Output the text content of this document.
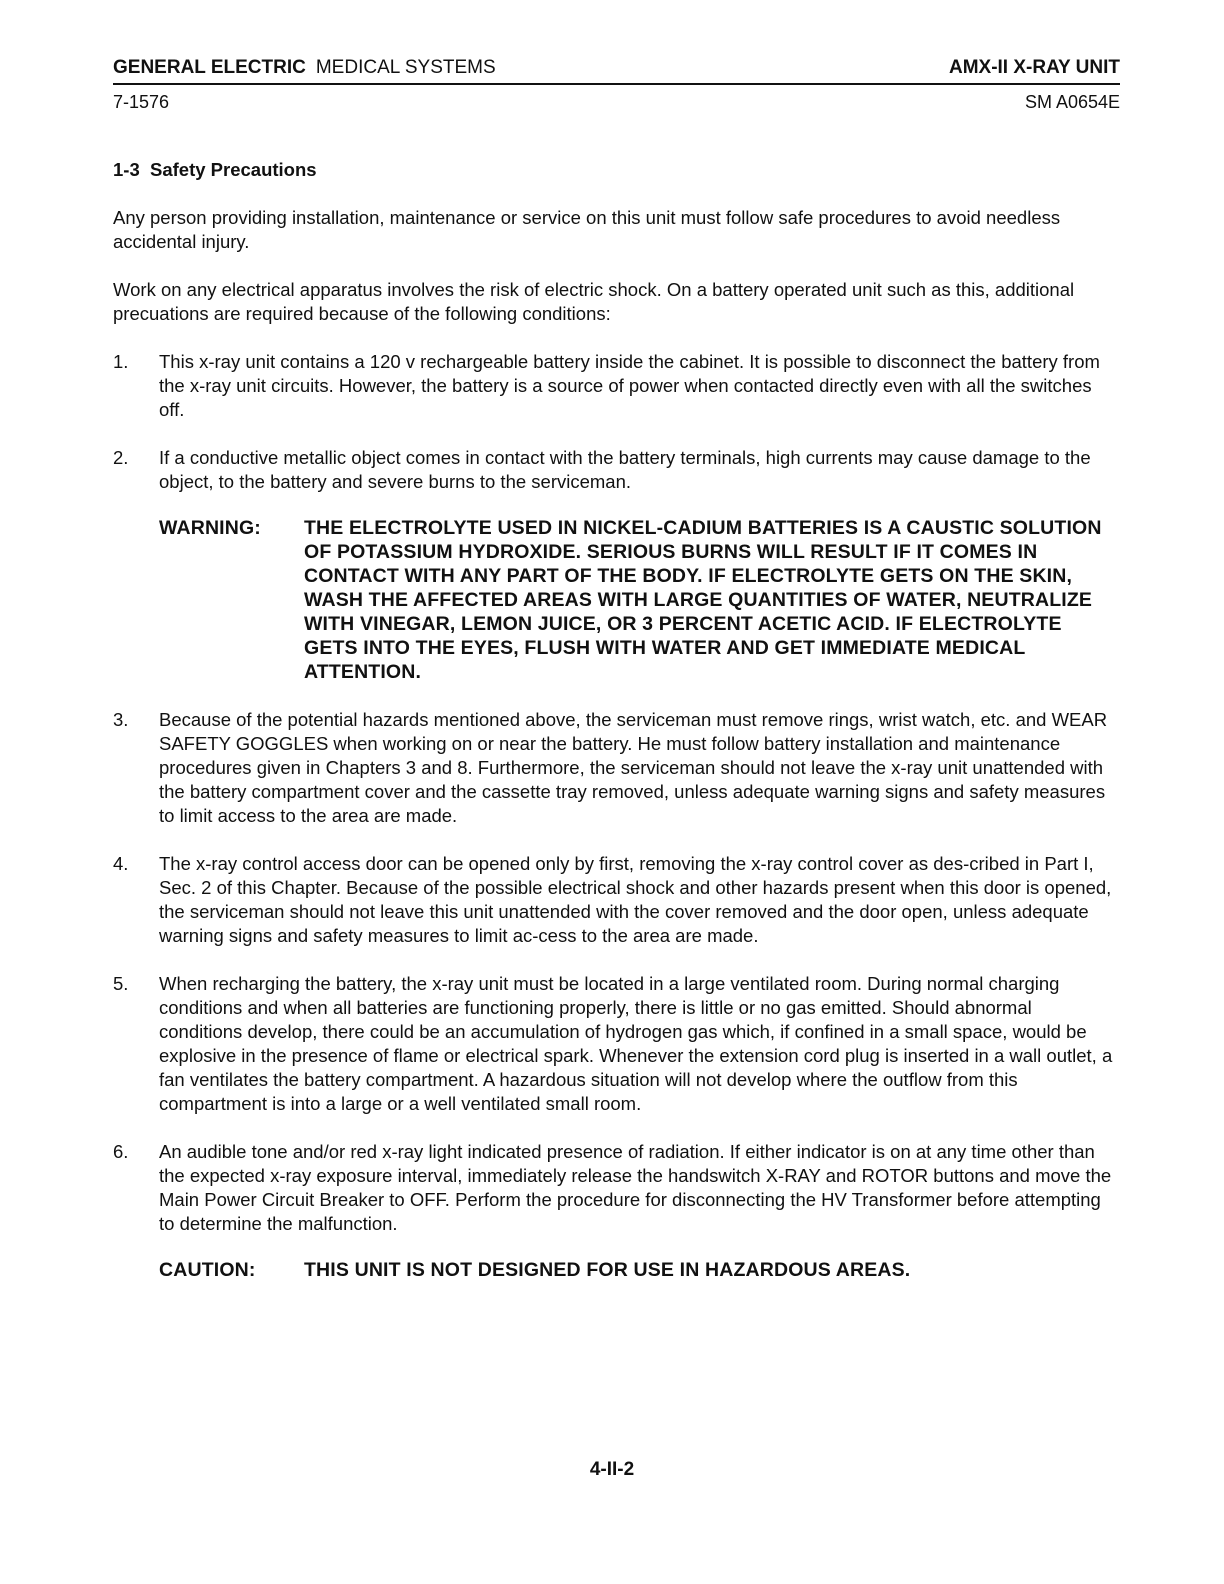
GENERAL ELECTRIC MEDICAL SYSTEMS	AMX-II X-RAY UNIT
7-1576	SM A0654E
1-3 Safety Precautions

Any person providing installation, maintenance or service on this unit must follow safe procedures to avoid needless accidental injury.

Work on any electrical apparatus involves the risk of electric shock. On a battery operated unit such as this, additional precuations are required because of the following conditions:

1.	This x-ray unit contains a 120 v rechargeable battery inside the cabinet. It is possible to disconnect the battery from the x-ray unit circuits. However, the battery is a source of power when contacted directly even with all the switches off.
2.	If a conductive metallic object comes in contact with the battery terminals, high currents may cause damage to the object, to the battery and severe burns to the serviceman.
WARNING:	THE ELECTROLYTE USED IN NICKEL-CADIUM BATTERIES IS A CAUSTIC SOLUTION OF POTASSIUM HYDROXIDE. SERIOUS BURNS WILL RESULT IF IT COMES IN CONTACT WITH ANY PART OF THE BODY. IF ELECTROLYTE GETS ON THE SKIN, WASH THE AFFECTED AREAS WITH LARGE QUANTITIES OF WATER, NEUTRALIZE WITH VINEGAR, LEMON JUICE, OR 3 PERCENT ACETIC ACID. IF ELECTROLYTE GETS INTO THE EYES, FLUSH WITH WATER AND GET IMMEDIATE MEDICAL ATTENTION.
3.	Because of the potential hazards mentioned above, the serviceman must remove rings, wrist watch, etc. and WEAR SAFETY GOGGLES when working on or near the battery. He must follow battery installation and maintenance procedures given in Chapters 3 and 8. Furthermore, the serviceman should not leave the x-ray unit unattended with the battery compartment cover and the cassette tray removed, unless adequate warning signs and safety measures to limit access to the area are made.
4.	The x-ray control access door can be opened only by first, removing the x-ray control cover as des-cribed in Part I, Sec. 2 of this Chapter. Because of the possible electrical shock and other hazards present when this door is opened, the serviceman should not leave this unit unattended with the cover removed and the door open, unless adequate warning signs and safety measures to limit ac-cess to the area are made.
5.	When recharging the battery, the x-ray unit must be located in a large ventilated room. During normal charging conditions and when all batteries are functioning properly, there is little or no gas emitted. Should abnormal conditions develop, there could be an accumulation of hydrogen gas which, if confined in a small space, would be explosive in the presence of flame or electrical spark. Whenever the extension cord plug is inserted in a wall outlet, a fan ventilates the battery compartment. A hazardous situation will not develop where the outflow from this compartment is into a large or a well ventilated small room.
6.	An audible tone and/or red x-ray light indicated presence of radiation. If either indicator is on at any time other than the expected x-ray exposure interval, immediately release the handswitch X-RAY and ROTOR buttons and move the Main Power Circuit Breaker to OFF. Perform the procedure for disconnecting the HV Transformer before attempting to determine the malfunction.
CAUTION:	THIS UNIT IS NOT DESIGNED FOR USE IN HAZARDOUS AREAS.
4-II-2
